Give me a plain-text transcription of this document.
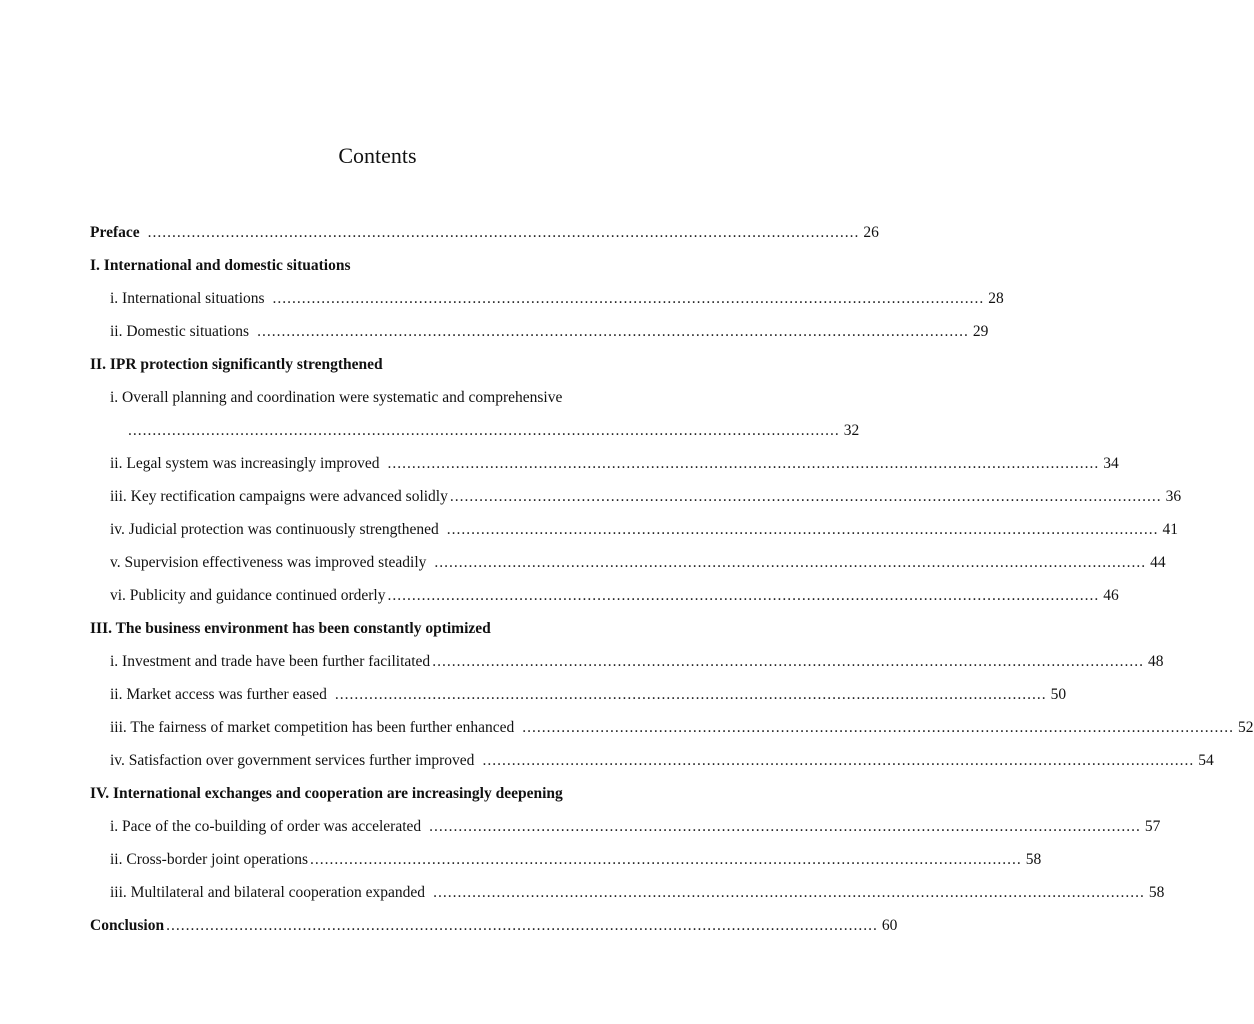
Contents
Preface .................................................................................................................................................. 26
I. International and domestic situations
i. International situations .................................................................................................................................................. 28
ii. Domestic situations .................................................................................................................................................. 29
II. IPR protection significantly strengthened
i. Overall planning and coordination were systematic and comprehensive
.................................................................................................................................................. 32
ii. Legal system was increasingly improved .................................................................................................................................................. 34
iii. Key rectification campaigns were advanced solidly .................................................................................................................................................. 36
iv. Judicial protection was continuously strengthened .................................................................................................................................................. 41
v. Supervision effectiveness was improved steadily .................................................................................................................................................. 44
vi. Publicity and guidance continued orderly .................................................................................................................................................. 46
III. The business environment has been constantly optimized
i. Investment and trade have been further facilitated .................................................................................................................................................. 48
ii. Market access was further eased .................................................................................................................................................. 50
iii. The fairness of market competition has been further enhanced .................................................................................................................................................. 52
iv. Satisfaction over government services further improved .................................................................................................................................................. 54
IV. International exchanges and cooperation are increasingly deepening
i. Pace of the co-building of order was accelerated .................................................................................................................................................. 57
ii. Cross-border joint operations .................................................................................................................................................. 58
iii. Multilateral and bilateral cooperation expanded .................................................................................................................................................. 58
Conclusion .................................................................................................................................................. 60
